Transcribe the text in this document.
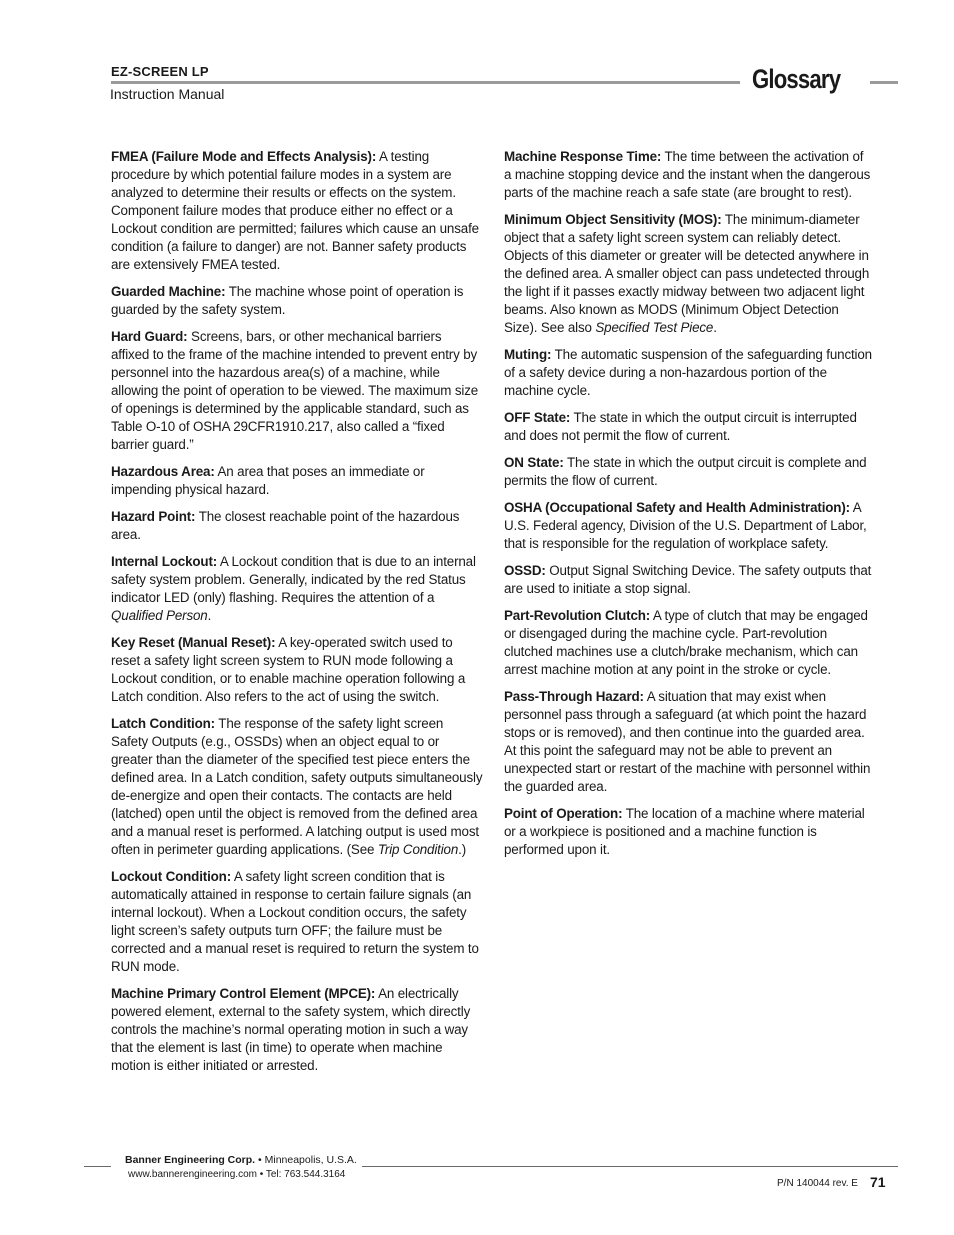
EZ-SCREEN LP
Instruction Manual	Glossary

FMEA (Failure Mode and Effects Analysis): A testing procedure by which potential failure modes in a system are analyzed to determine their results or effects on the system. Component failure modes that produce either no effect or a Lockout condition are permitted; failures which cause an unsafe condition (a failure to danger) are not. Banner safety products are extensively FMEA tested.

Guarded Machine: The machine whose point of operation is guarded by the safety system.

Hard Guard: Screens, bars, or other mechanical barriers affixed to the frame of the machine intended to prevent entry by personnel into the hazardous area(s) of a machine, while allowing the point of operation to be viewed. The maximum size of openings is determined by the applicable standard, such as Table O-10 of OSHA 29CFR1910.217, also called a “fixed barrier guard.”

Hazardous Area: An area that poses an immediate or impending physical hazard.

Hazard Point: The closest reachable point of the hazardous area.

Internal Lockout: A Lockout condition that is due to an internal safety system problem. Generally, indicated by the red Status indicator LED (only) flashing. Requires the attention of a Qualified Person.

Key Reset (Manual Reset): A key-operated switch used to reset a safety light screen system to RUN mode following a Lockout condition, or to enable machine operation following a Latch condition. Also refers to the act of using the switch.

Latch Condition: The response of the safety light screen Safety Outputs (e.g., OSSDs) when an object equal to or greater than the diameter of the specified test piece enters the defined area. In a Latch condition, safety outputs simultaneously de-energize and open their contacts. The contacts are held (latched) open until the object is removed from the defined area and a manual reset is performed. A latching output is used most often in perimeter guarding applications. (See Trip Condition.)

Lockout Condition: A safety light screen condition that is automatically attained in response to certain failure signals (an internal lockout). When a Lockout condition occurs, the safety light screen’s safety outputs turn OFF; the failure must be corrected and a manual reset is required to return the system to RUN mode.

Machine Primary Control Element (MPCE): An electrically powered element, external to the safety system, which directly controls the machine’s normal operating motion in such a way that the element is last (in time) to operate when machine motion is either initiated or arrested.

Machine Response Time: The time between the activation of a machine stopping device and the instant when the dangerous parts of the machine reach a safe state (are brought to rest).

Minimum Object Sensitivity (MOS): The minimum-diameter object that a safety light screen system can reliably detect. Objects of this diameter or greater will be detected anywhere in the defined area. A smaller object can pass undetected through the light if it passes exactly midway between two adjacent light beams. Also known as MODS (Minimum Object Detection Size). See also Specified Test Piece.

Muting: The automatic suspension of the safeguarding function of a safety device during a non-hazardous portion of the machine cycle.

OFF State: The state in which the output circuit is interrupted and does not permit the flow of current.

ON State: The state in which the output circuit is complete and permits the flow of current.

OSHA (Occupational Safety and Health Administration): A U.S. Federal agency, Division of the U.S. Department of Labor, that is responsible for the regulation of workplace safety.

OSSD: Output Signal Switching Device. The safety outputs that are used to initiate a stop signal.

Part-Revolution Clutch: A type of clutch that may be engaged or disengaged during the machine cycle. Part-revolution clutched machines use a clutch/brake mechanism, which can arrest machine motion at any point in the stroke or cycle.

Pass-Through Hazard: A situation that may exist when personnel pass through a safeguard (at which point the hazard stops or is removed), and then continue into the guarded area. At this point the safeguard may not be able to prevent an unexpected start or restart of the machine with personnel within the guarded area.

Point of Operation: The location of a machine where material or a workpiece is positioned and a machine function is performed upon it.

Banner Engineering Corp. • Minneapolis, U.S.A.
www.bannerengineering.com • Tel: 763.544.3164
P/N 140044 rev. E 71
